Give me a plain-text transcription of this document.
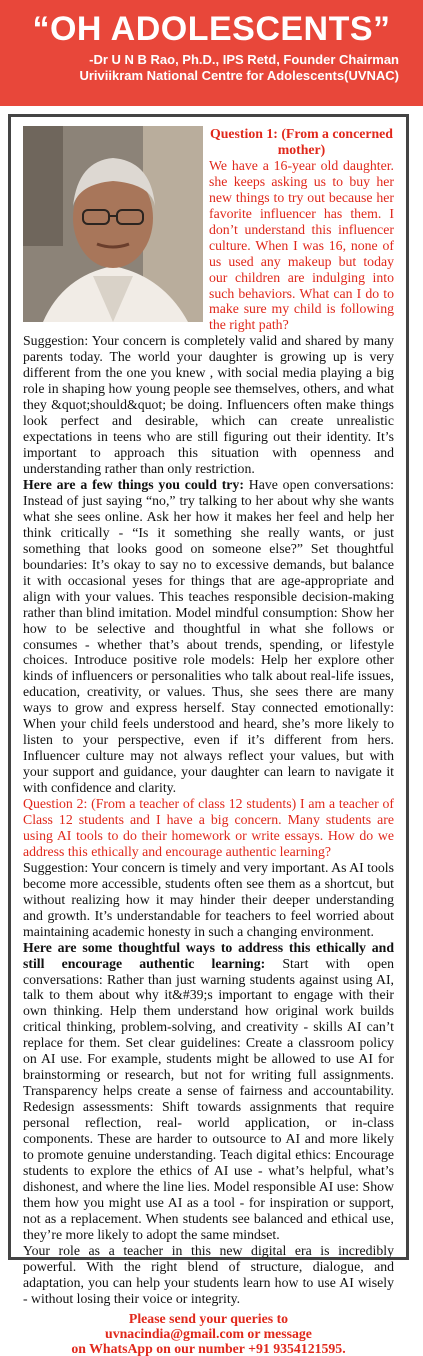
“OH ADOLESCENTS”
-Dr U N B Rao, Ph.D., IPS Retd, Founder Chairman
Uriviikram National Centre for Adolescents(UVNAC)
Question 1: (From a concerned mother)

We have a 16-year old daughter. she keeps asking us to buy her new things to try out because her favorite influencer has them. I don’t understand this influencer culture. When I was 16, none of us used any makeup but today our children are indulging into such behaviors. What can I do to make sure my child is following the right path?

Suggestion: Your concern is completely valid and shared by many parents today. The world your daughter is growing up is very different from the one you knew , with social media playing a big role in shaping how young people see themselves, others, and what they &quot;should&quot; be doing. Influencers often make things look perfect and desirable, which can create unrealistic expectations in teens who are still figuring out their identity. It’s important to approach this situation with openness and understanding rather than only restriction.

Here are a few things you could try: Have open conversations: Instead of just saying “no,” try talking to her about why she wants what she sees online. Ask her how it makes her feel and help her think critically - “Is it something she really wants, or just something that looks good on someone else?” Set thoughtful boundaries: It’s okay to say no to excessive demands, but balance it with occasional yeses for things that are age-appropriate and align with your values. This teaches responsible decision-making rather than blind imitation. Model mindful consumption: Show her how to be selective and thoughtful in what she follows or consumes - whether that’s about trends, spending, or lifestyle choices. Introduce positive role models: Help her explore other kinds of influencers or personalities who talk about real-life issues, education, creativity, or values. Thus, she sees there are many ways to grow and express herself. Stay connected emotionally: When your child feels understood and heard, she’s more likely to listen to your perspective, even if it’s different from hers. Influencer culture may not always reflect your values, but with your support and guidance, your daughter can learn to navigate it with confidence and clarity.

Question 2: (From a teacher of class 12 students) I am a teacher of Class 12 students and I have a big concern. Many students are using AI tools to do their homework or write essays. How do we address this ethically and encourage authentic learning?

Suggestion: Your concern is timely and very important. As AI tools become more accessible, students often see them as a shortcut, but without realizing how it may hinder their deeper understanding and growth. It’s understandable for teachers to feel worried about maintaining academic honesty in such a changing environment.

Here are some thoughtful ways to address this ethically and still encourage authentic learning: Start with open conversations: Rather than just warning students against using AI, talk to them about why it&#39;s important to engage with their own thinking. Help them understand how original work builds critical thinking, problem-solving, and creativity - skills AI can’t replace for them. Set clear guidelines: Create a classroom policy on AI use. For example, students might be allowed to use AI for brainstorming or research, but not for writing full assignments. Transparency helps create a sense of fairness and accountability. Redesign assessments: Shift towards assignments that require personal reflection, real- world application, or in-class components. These are harder to outsource to AI and more likely to promote genuine understanding. Teach digital ethics: Encourage students to explore the ethics of AI use - what’s helpful, what’s dishonest, and where the line lies. Model responsible AI use: Show them how you might use AI as a tool - for inspiration or support, not as a replacement. When students see balanced and ethical use, they’re more likely to adopt the same mindset.

Your role as a teacher in this new digital era is incredibly powerful. With the right blend of structure, dialogue, and adaptation, you can help your students learn how to use AI wisely - without losing their voice or integrity.

Please send your queries to
uvnacindia@gmail.com or message
on WhatsApp on our number +91 9354121595.
